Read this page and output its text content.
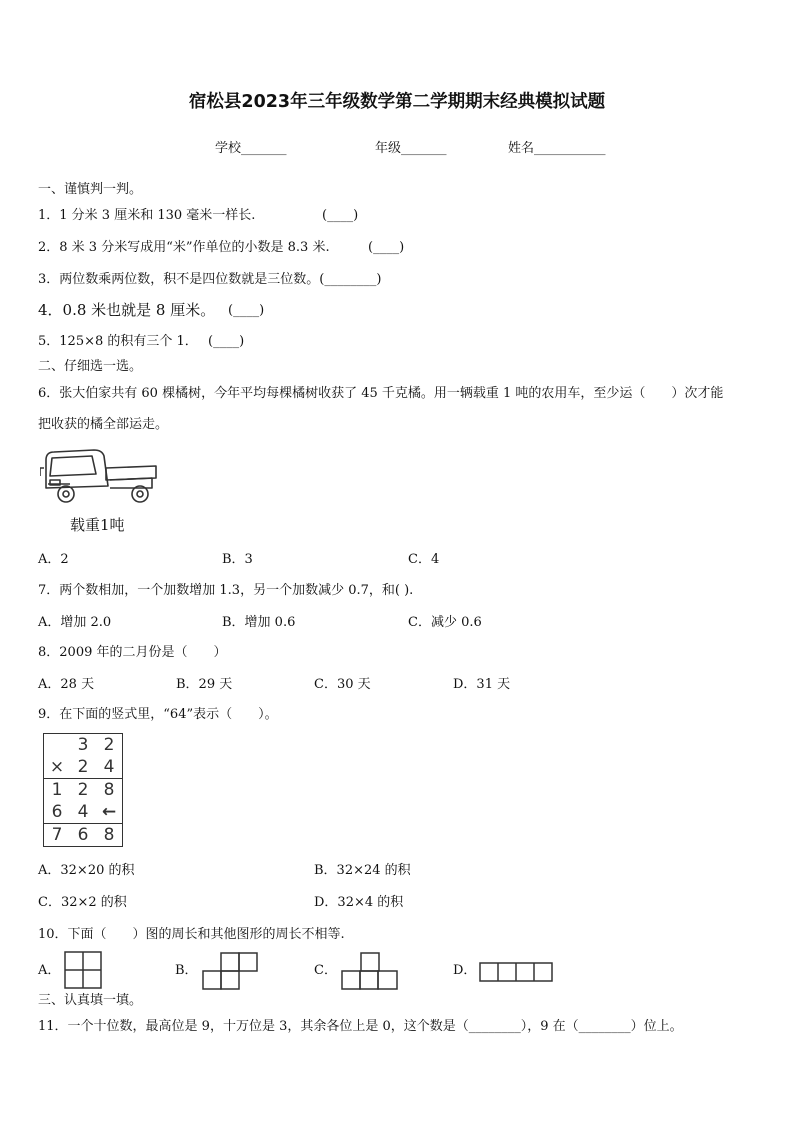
宿松县2023年三年级数学第二学期期末经典模拟试题
学校_______	年级_______	姓名___________
一、谨慎判一判。
1．1 分米 3 厘米和 130 毫米一样长.	(____)
2．8 米 3 分米写成用“米”作单位的小数是 8.3 米.	(____)
3．两位数乘两位数，积不是四位数就是三位数。(________)
4．0.8 米也就是 8 厘米。 (____)
5．125×8 的积有三个 1． (____)
二、仔细选一选。
6．张大伯家共有 60 棵橘树，今年平均每棵橘树收获了 45 千克橘。用一辆载重 1 吨的农用车，至少运（　　）次才能
把收获的橘全部运走。
载重1吨
A．2	B．3	C．4
7．两个数相加，一个加数增加 1.3，另一个加数减少 0.7，和( ).
A．增加 2.0	B．增加 0.6	C．减少 0.6
8．2009 年的二月份是（　　）
A．28 天	B．29 天	C．30 天	D．31 天
9．在下面的竖式里，“64”表示（　　）。
	3	2
×	2	4
1	2	8
6	4	←
7	6	8
A．32×20 的积	B．32×24 的积
C．32×2 的积	D．32×4 的积
10．下面（　　）图的周长和其他图形的周长不相等.
A．	B．	C．	D．
三、认真填一填。
11．一个十位数，最高位是 9，十万位是 3，其余各位上是 0，这个数是（________），9 在（________）位上。
